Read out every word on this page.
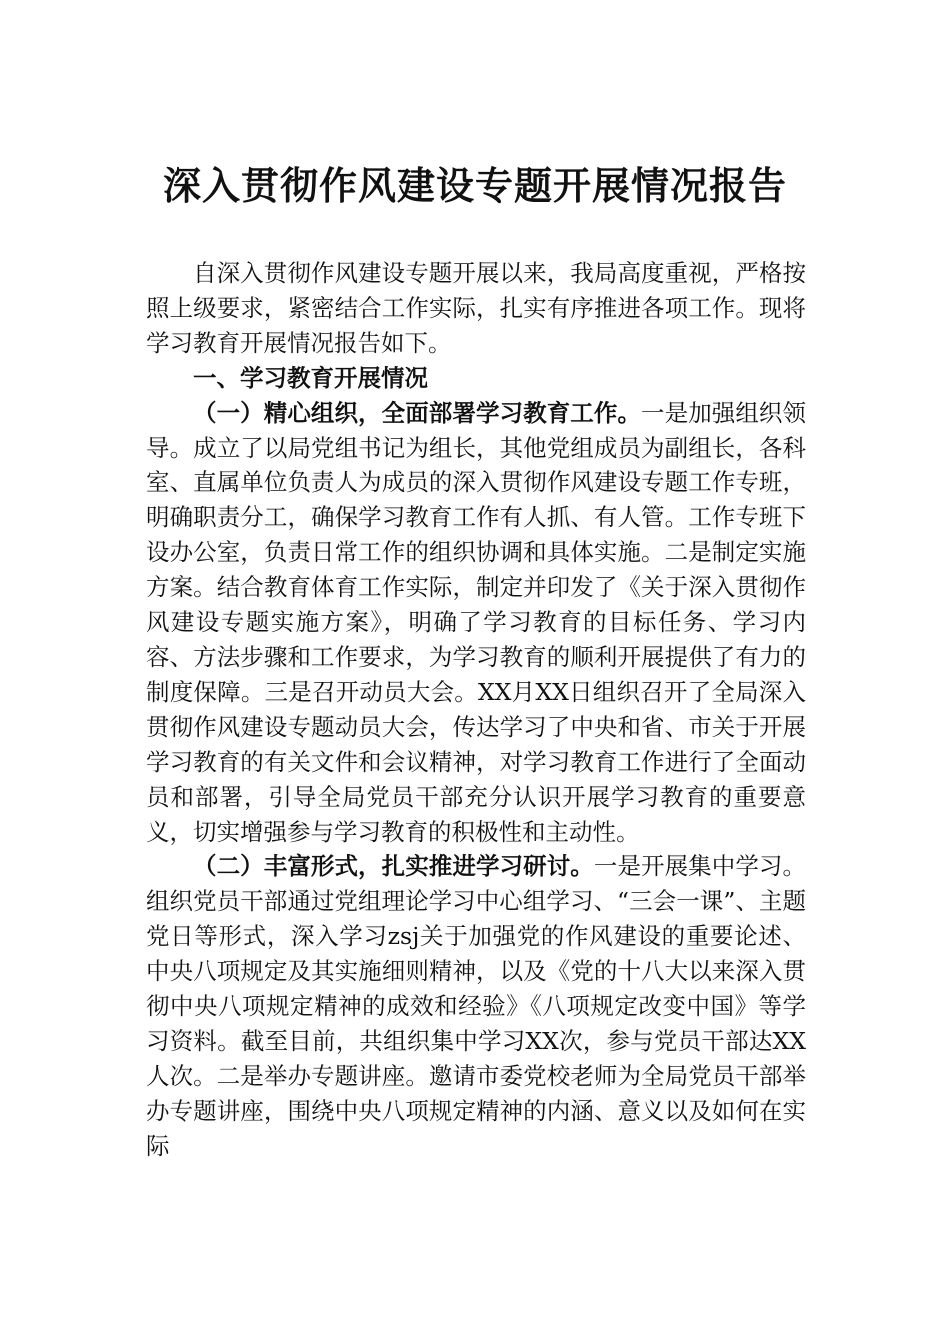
深入贯彻作风建设专题开展情况报告

自深入贯彻作风建设专题开展以来，我局高度重视，严格按照上级要求，紧密结合工作实际，扎实有序推进各项工作。现将学习教育开展情况报告如下。

一、学习教育开展情况

（一）精心组织，全面部署学习教育工作。一是加强组织领导。成立了以局党组书记为组长，其他党组成员为副组长，各科室、直属单位负责人为成员的深入贯彻作风建设专题工作专班，明确职责分工，确保学习教育工作有人抓、有人管。工作专班下设办公室，负责日常工作的组织协调和具体实施。二是制定实施方案。结合教育体育工作实际，制定并印发了《关于深入贯彻作风建设专题实施方案》，明确了学习教育的目标任务、学习内容、方法步骤和工作要求，为学习教育的顺利开展提供了有力的制度保障。三是召开动员大会。XX月XX日组织召开了全局深入贯彻作风建设专题动员大会，传达学习了中央和省、市关于开展学习教育的有关文件和会议精神，对学习教育工作进行了全面动员和部署，引导全局党员干部充分认识开展学习教育的重要意义，切实增强参与学习教育的积极性和主动性。

（二）丰富形式，扎实推进学习研讨。一是开展集中学习。组织党员干部通过党组理论学习中心组学习、“三会一课”、主题党日等形式，深入学习zsj关于加强党的作风建设的重要论述、中央八项规定及其实施细则精神，以及《党的十八大以来深入贯彻中央八项规定精神的成效和经验》《八项规定改变中国》等学习资料。截至目前，共组织集中学习XX次，参与党员干部达XX人次。二是举办专题讲座。邀请市委党校老师为全局党员干部举办专题讲座，围绕中央八项规定精神的内涵、意义以及如何在实际
